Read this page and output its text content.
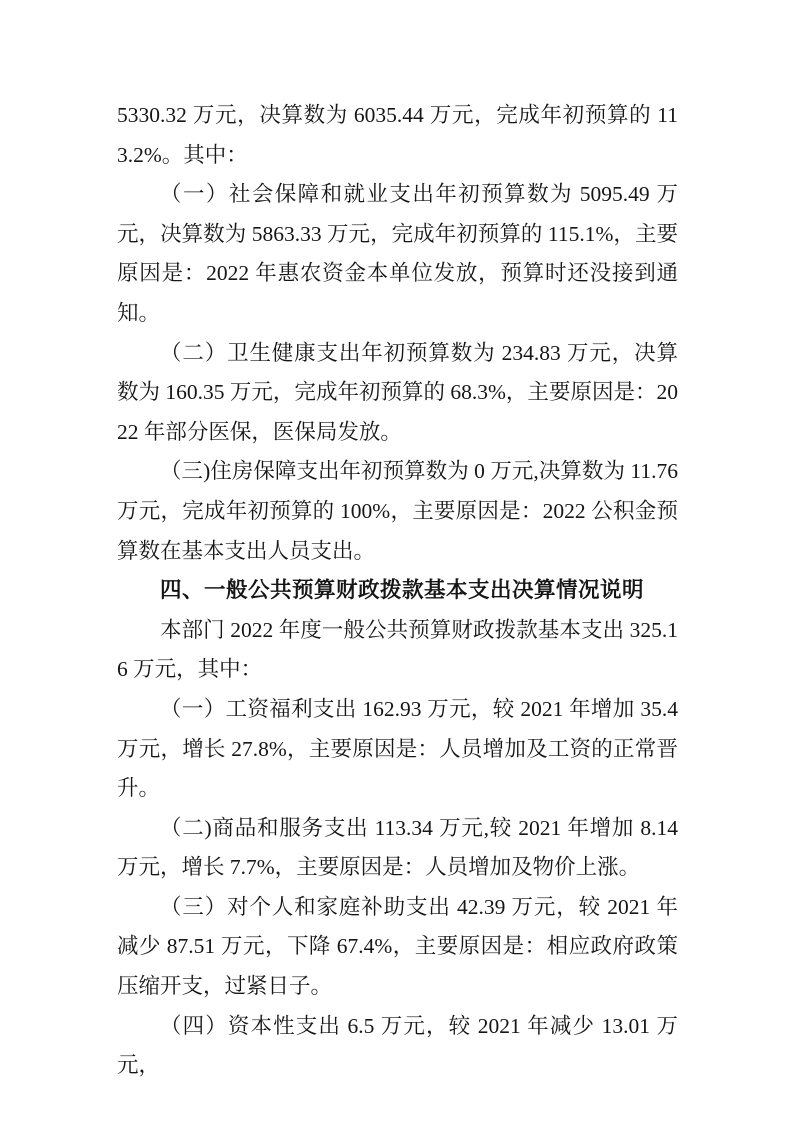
5330.32 万元，决算数为 6035.44 万元，完成年初预算的 113.2%。其中：

（一）社会保障和就业支出年初预算数为 5095.49 万元，决算数为 5863.33 万元，完成年初预算的 115.1%，主要原因是：2022 年惠农资金本单位发放，预算时还没接到通知。

（二）卫生健康支出年初预算数为 234.83 万元，决算数为 160.35 万元，完成年初预算的 68.3%，主要原因是：2022 年部分医保，医保局发放。

（三)住房保障支出年初预算数为 0 万元,决算数为 11.76 万元，完成年初预算的 100%，主要原因是：2022 公积金预算数在基本支出人员支出。

四、一般公共预算财政拨款基本支出决算情况说明

本部门 2022 年度一般公共预算财政拨款基本支出 325.16 万元，其中：

（一）工资福利支出 162.93 万元，较 2021 年增加 35.4 万元，增长 27.8%，主要原因是：人员增加及工资的正常晋升。

（二)商品和服务支出 113.34 万元,较 2021 年增加 8.14 万元，增长 7.7%，主要原因是：人员增加及物价上涨。

（三）对个人和家庭补助支出 42.39 万元，较 2021 年减少 87.51 万元，下降 67.4%，主要原因是：相应政府政策压缩开支，过紧日子。

（四）资本性支出 6.5 万元，较 2021 年减少 13.01 万元，
